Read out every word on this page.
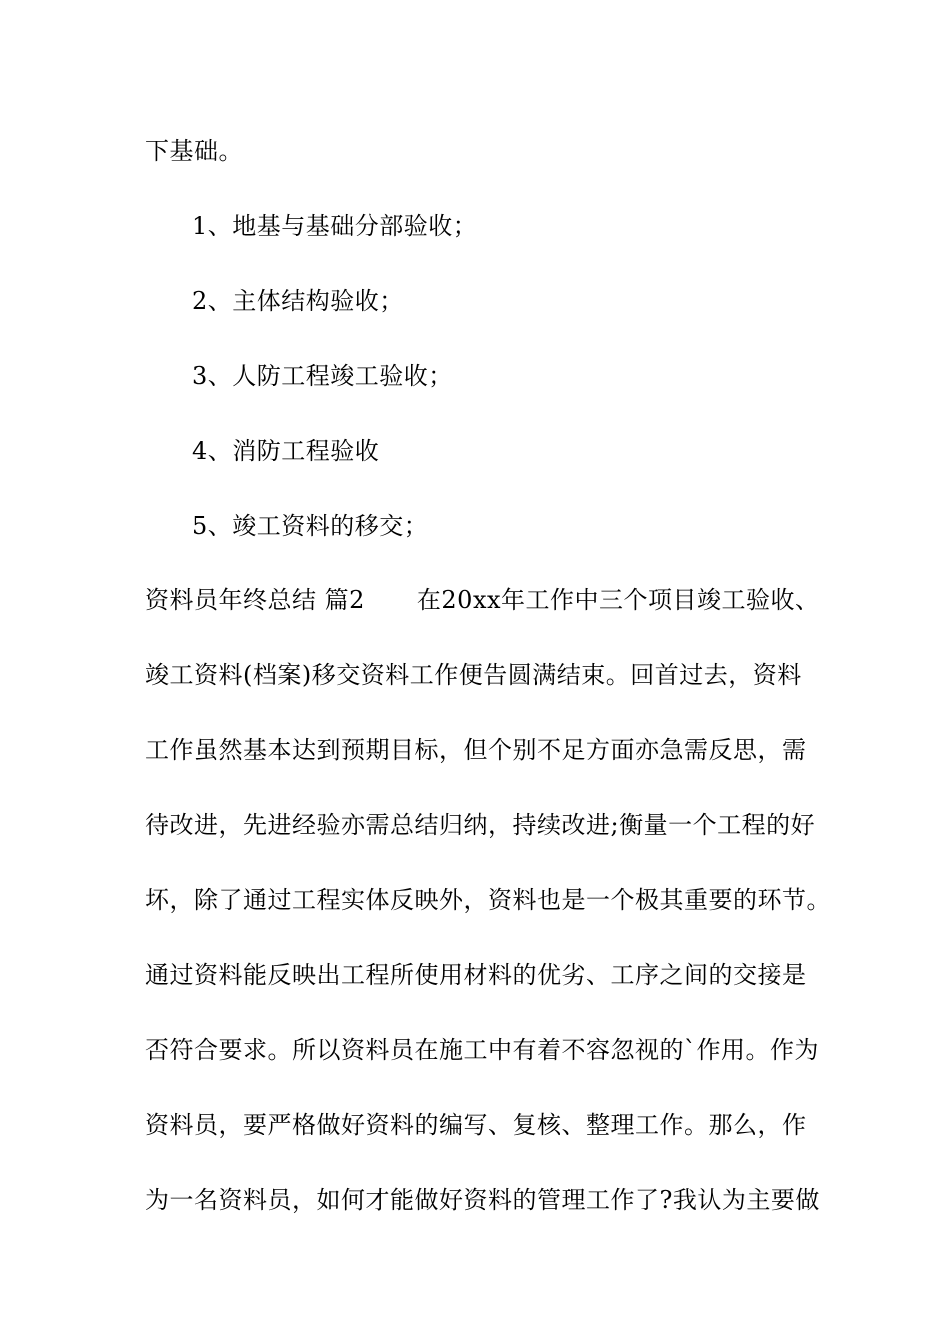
下基础。
1、地基与基础分部验收；
2、主体结构验收；
3、人防工程竣工验收；
4、消防工程验收
5、竣工资料的移交；
资料员年终总结 篇2 在20xx年工作中三个项目竣工验收、
竣工资料(档案)移交资料工作便告圆满结束。回首过去，资料
工作虽然基本达到预期目标，但个别不足方面亦急需反思，需
待改进，先进经验亦需总结归纳，持续改进;衡量一个工程的好
坏，除了通过工程实体反映外，资料也是一个极其重要的环节。
通过资料能反映出工程所使用材料的优劣、工序之间的交接是
否符合要求。所以资料员在施工中有着不容忽视的`作用。作为
资料员，要严格做好资料的编写、复核、整理工作。那么，作
为一名资料员，如何才能做好资料的管理工作了?我认为主要做
